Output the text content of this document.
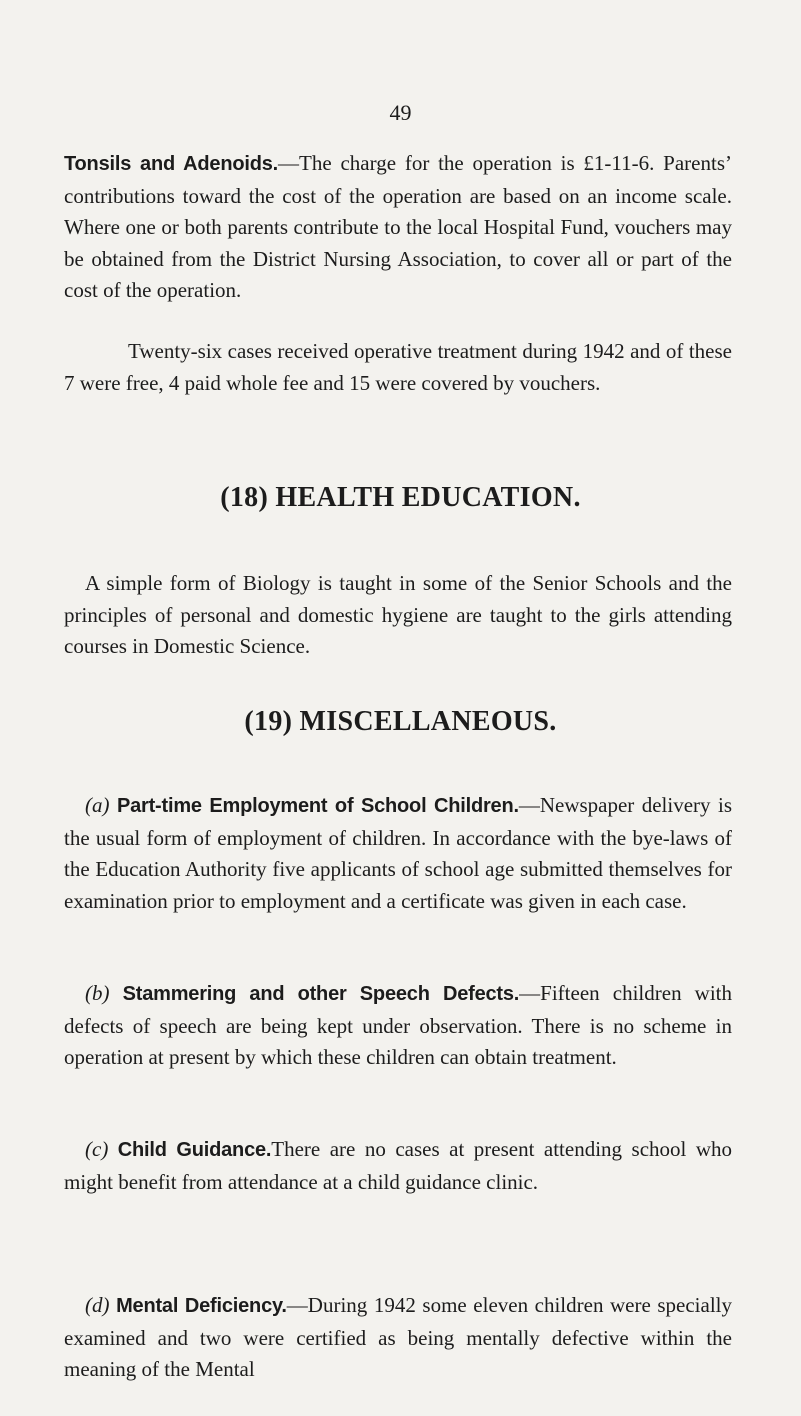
49

Tonsils and Adenoids.—The charge for the operation is £1-11-6. Parents’ contributions toward the cost of the operation are based on an income scale. Where one or both parents contribute to the local Hospital Fund, vouchers may be obtained from the District Nursing Association, to cover all or part of the cost of the operation.

Twenty-six cases received operative treatment during 1942 and of these 7 were free, 4 paid whole fee and 15 were covered by vouchers.

(18) HEALTH EDUCATION.

A simple form of Biology is taught in some of the Senior Schools and the principles of personal and domestic hygiene are taught to the girls attending courses in Domestic Science.

(19) MISCELLANEOUS.

(a) Part-time Employment of School Children.—Newspaper delivery is the usual form of employment of children. In accordance with the bye-laws of the Education Authority five applicants of school age submitted themselves for examination prior to employment and a certificate was given in each case.

(b) Stammering and other Speech Defects.—Fifteen children with defects of speech are being kept under observation. There is no scheme in operation at present by which these children can obtain treatment.

(c) Child Guidance.There are no cases at present attending school who might benefit from attendance at a child guidance clinic.

(d) Mental Deficiency.—During 1942 some eleven children were specially examined and two were certified as being mentally defective within the meaning of the Mental
